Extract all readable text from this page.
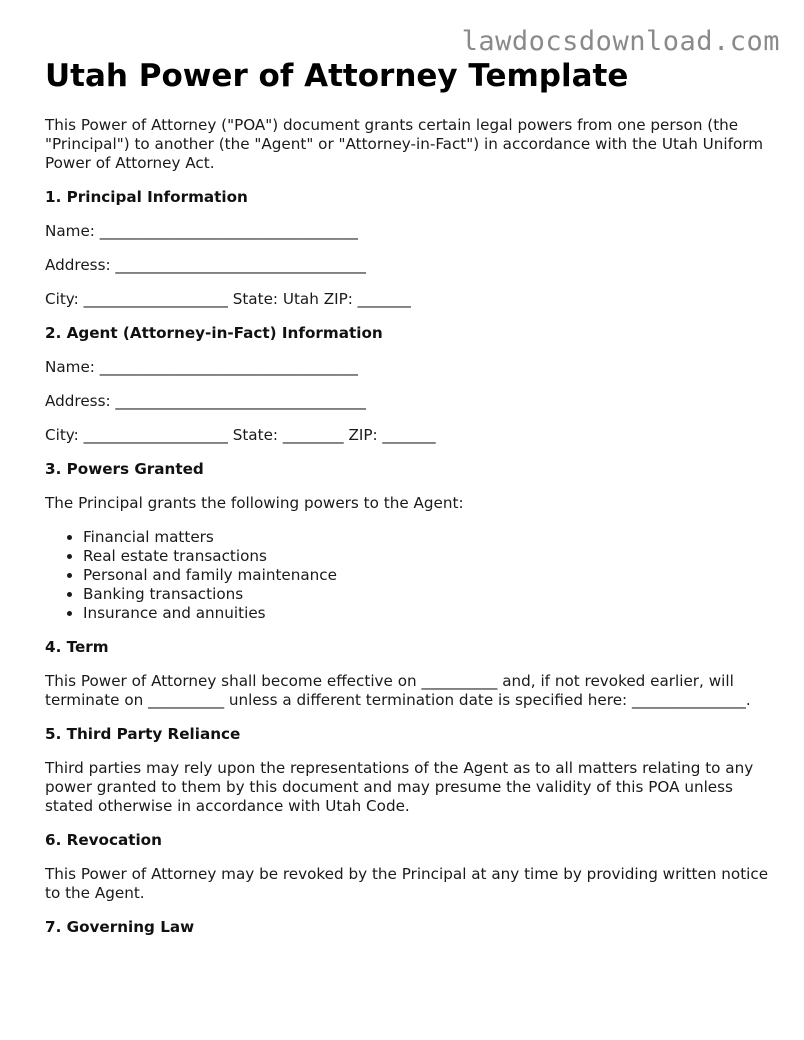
lawdocsdownload.com
Utah Power of Attorney Template

This Power of Attorney ("POA") document grants certain legal powers from one person (the "Principal") to another (the "Agent" or "Attorney-in-Fact") in accordance with the Utah Uniform Power of Attorney Act.

1. Principal Information

Name: __________________________________

Address: _________________________________

City: ___________________ State: Utah ZIP: _______

2. Agent (Attorney-in-Fact) Information

Name: __________________________________

Address: _________________________________

City: ___________________ State: ________ ZIP: _______

3. Powers Granted

The Principal grants the following powers to the Agent:

• Financial matters
• Real estate transactions
• Personal and family maintenance
• Banking transactions
• Insurance and annuities
4. Term

This Power of Attorney shall become effective on __________ and, if not revoked earlier, will terminate on __________ unless a different termination date is specified here: _______________.

5. Third Party Reliance

Third parties may rely upon the representations of the Agent as to all matters relating to any power granted to them by this document and may presume the validity of this POA unless stated otherwise in accordance with Utah Code.

6. Revocation

This Power of Attorney may be revoked by the Principal at any time by providing written notice to the Agent.

7. Governing Law
